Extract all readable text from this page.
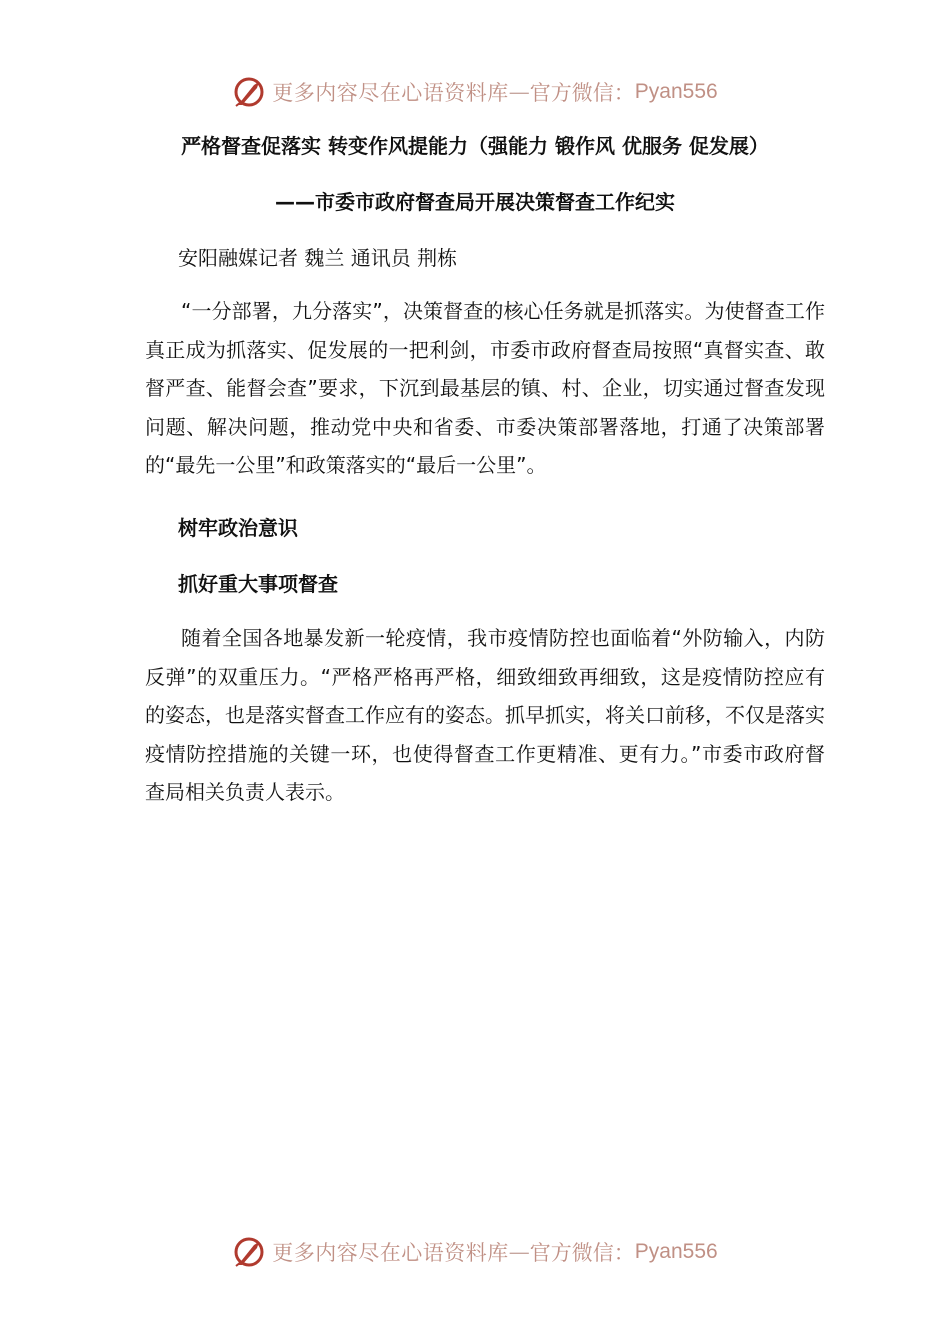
更多内容尽在心语资料库 — 官方微信： Pyan556
严格督查促落实 转变作风提能力（强能力 锻作风 优服务 促发展）
——市委市政府督查局开展决策督查工作纪实
安阳融媒记者 魏兰 通讯员 荆栋
“一分部署，九分落实”，决策督查的核心任务就是抓落实。为使督查工作真正成为抓落实、促发展的一把利剑，市委市政府督查局按照“真督实查、敢督严查、能督会查”要求，下沉到最基层的镇、村、企业，切实通过督查发现问题、解决问题，推动党中央和省委、市委决策部署落地，打通了决策部署的“最先一公里”和政策落实的“最后一公里”。
树牢政治意识
抓好重大事项督查
随着全国各地暴发新一轮疫情，我市疫情防控也面临着“外防输入，内防反弹”的双重压力。“严格严格再严格，细致细致再细致，这是疫情防控应有的姿态，也是落实督查工作应有的姿态。抓早抓实，将关口前移，不仅是落实疫情防控措施的关键一环，也使得督查工作更精准、更有力。”市委市政府督查局相关负责人表示。
更多内容尽在心语资料库 — 官方微信： Pyan556
